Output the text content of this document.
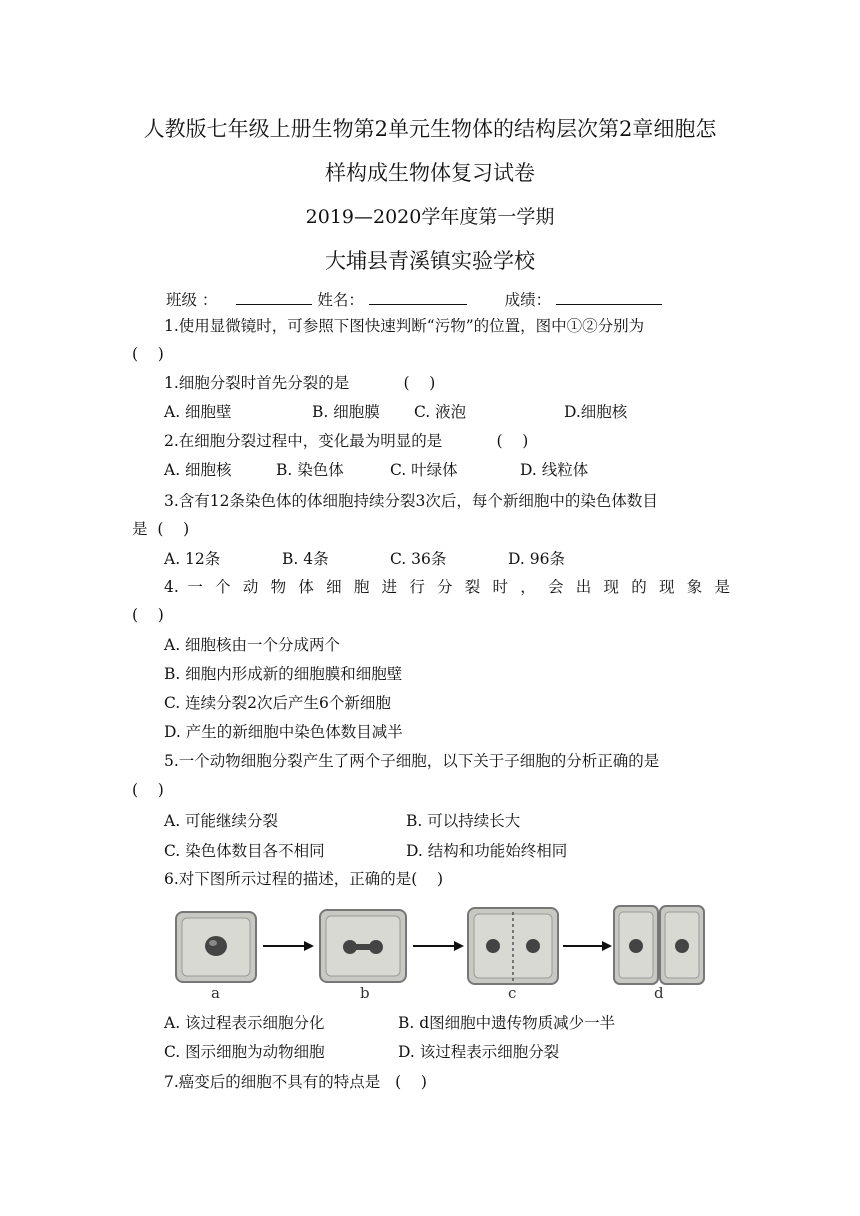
人教版七年级上册生物第2单元生物体的结构层次第2章细胞怎
样构成生物体复习试卷
2019—2020学年度第一学期
大埔县青溪镇实验学校
班级 ：	姓名：	成绩：
1.使用显微镜时，可参照下图快速判断“污物”的位置，图中①②分别为
(    )
1.细胞分裂时首先分裂的是           (    )
A. 细胞壁	B. 细胞膜 C. 液泡	D.细胞核
2.在细胞分裂过程中，变化最为明显的是           (    )
A. 细胞核	B. 染色体	C. 叶绿体	D. 线粒体
3.含有12条染色体的体细胞持续分裂3次后，每个新细胞中的染色体数目
是  (    )
A. 12条	B. 4条	C. 36条	D. 96条
4. 一 个 动 物 体 细 胞 进 行 分 裂 时 ， 会 出 现 的 现 象 是
(    )
A. 细胞核由一个分成两个
B. 细胞内形成新的细胞膜和细胞壁
C. 连续分裂2次后产生6个新细胞
D. 产生的新细胞中染色体数目减半
5.一个动物细胞分裂产生了两个子细胞，以下关于子细胞的分析正确的是
(    )
A. 可能继续分裂	B. 可以持续长大
C. 染色体数目各不相同	D. 结构和功能始终相同
6.对下图所示过程的描述，正确的是(    )
a	b	c	d
A. 该过程表示细胞分化	B. d图细胞中遗传物质减少一半
C. 图示细胞为动物细胞	D. 该过程表示细胞分裂
7.癌变后的细胞不具有的特点是   (    )
